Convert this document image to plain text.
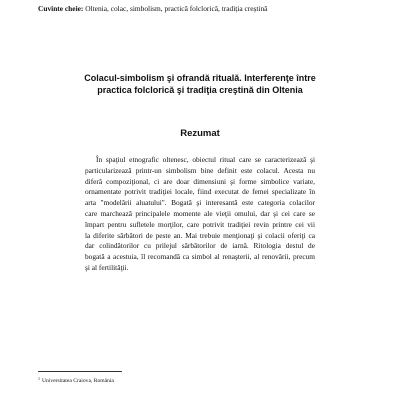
Cuvinte cheie: Oltenia, colac, simbolism, practică folclorică, tradiția creștină
Colacul-simbolism şi ofrandă rituală. Interferenţe între
practica folclorică şi tradiţia creştină din Oltenia
Rezumat
În spaţiul etnografic oltenesc, obiectul ritual care se caracterizează şi
particularizează printr-un simbolism bine definit este colacul. Acesta nu
diferă compoziţional, ci are doar dimensiuni şi forme simbolice variate,
ornamentate potrivit tradiţiei locale, fiind executat de femei specializate în
arta "modelării aluatului". Bogată şi interesantă este categoria colacilor
care marchează principalele momente ale vieţii omului, dar şi cei care se
împart pentru sufletele morţilor, care potrivit tradiţiei revin printre cei vii
la diferite sărbători de peste an. Mai trebuie menţionaţi şi colacii oferiţi ca
dar colindătorilor cu prilejul sărbătorilor de iarnă. Ritologia destul de
bogată a acestuia, îl recomandă ca simbol al renaşterii, al renovării, precum
şi al fertilităţii.
$^1$ Universitatea Craiova, România
